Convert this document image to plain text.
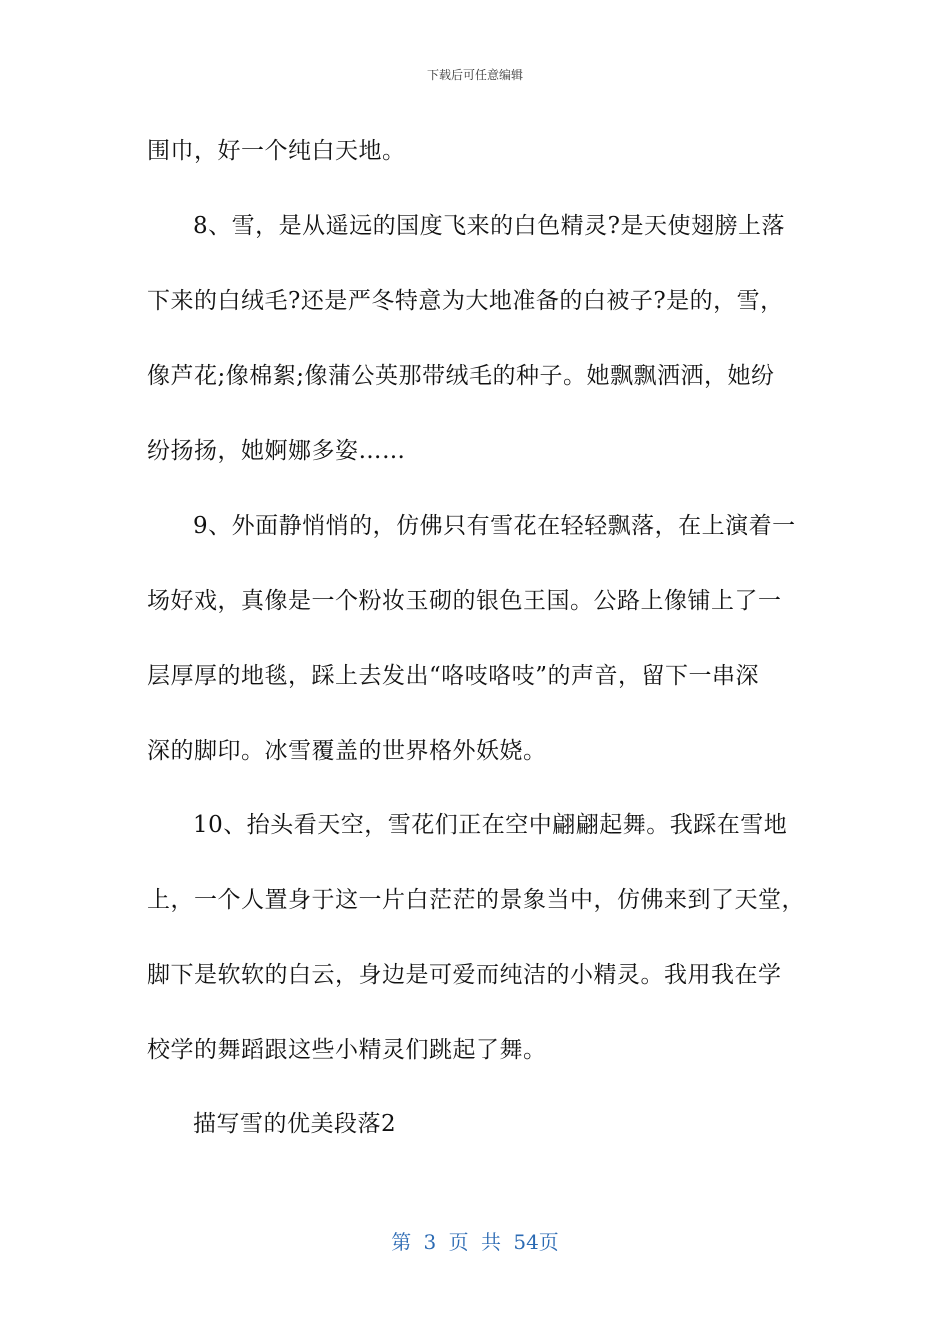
下载后可任意编辑
围巾，好一个纯白天地。
8、雪，是从遥远的国度飞来的白色精灵?是天使翅膀上落
下来的白绒毛?还是严冬特意为大地准备的白被子?是的，雪，
像芦花;像棉絮;像蒲公英那带绒毛的种子。她飘飘洒洒，她纷
纷扬扬，她婀娜多姿……
9、外面静悄悄的，仿佛只有雪花在轻轻飘落，在上演着一
场好戏，真像是一个粉妆玉砌的银色王国。公路上像铺上了一
层厚厚的地毯，踩上去发出“咯吱咯吱”的声音，留下一串深
深的脚印。冰雪覆盖的世界格外妖娆。
10、抬头看天空，雪花们正在空中翩翩起舞。我踩在雪地
上，一个人置身于这一片白茫茫的景象当中，仿佛来到了天堂，
脚下是软软的白云，身边是可爱而纯洁的小精灵。我用我在学
校学的舞蹈跟这些小精灵们跳起了舞。
描写雪的优美段落2
第 3 页 共 54页
